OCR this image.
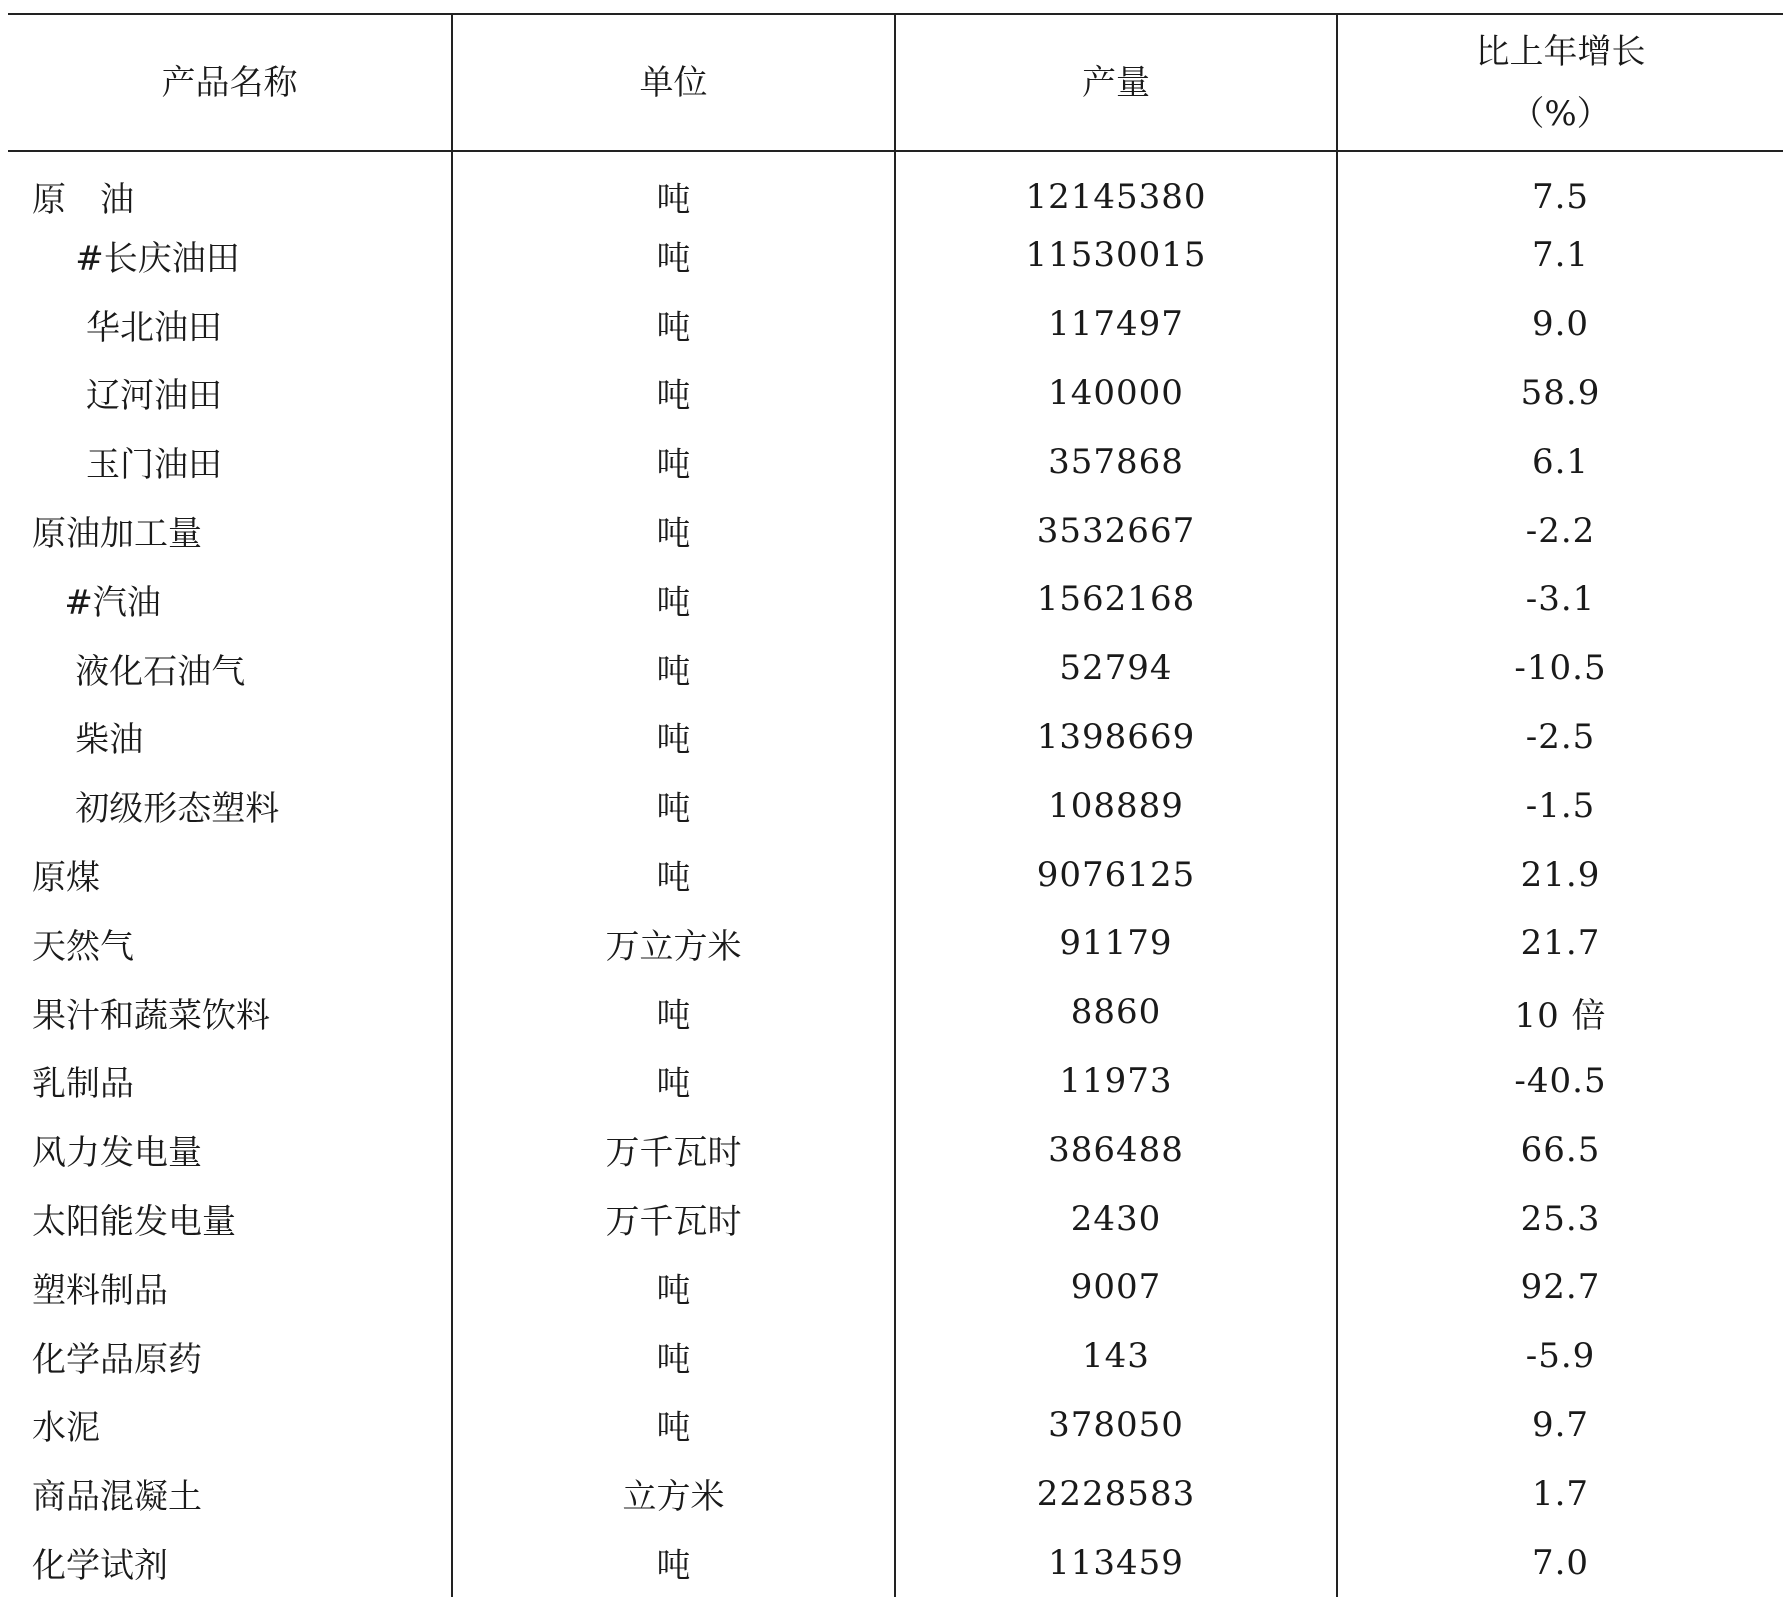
产品名称	单位	产量	比上年增长
（%）

原　油	吨	12145380	7.5
#长庆油田	吨	11530015	7.1
华北油田	吨	117497	9.0
辽河油田	吨	140000	58.9
玉门油田	吨	357868	6.1
原油加工量	吨	3532667	-2.2
#汽油	吨	1562168	-3.1
液化石油气	吨	52794	-10.5
柴油	吨	1398669	-2.5
初级形态塑料	吨	108889	-1.5
原煤	吨	9076125	21.9
天然气	万立方米	91179	21.7
果汁和蔬菜饮料	吨	8860	10 倍
乳制品	吨	11973	-40.5
风力发电量	万千瓦时	386488	66.5
太阳能发电量	万千瓦时	2430	25.3
塑料制品	吨	9007	92.7
化学品原药	吨	143	-5.9
水泥	吨	378050	9.7
商品混凝土	立方米	2228583	1.7
化学试剂	吨	113459	7.0
